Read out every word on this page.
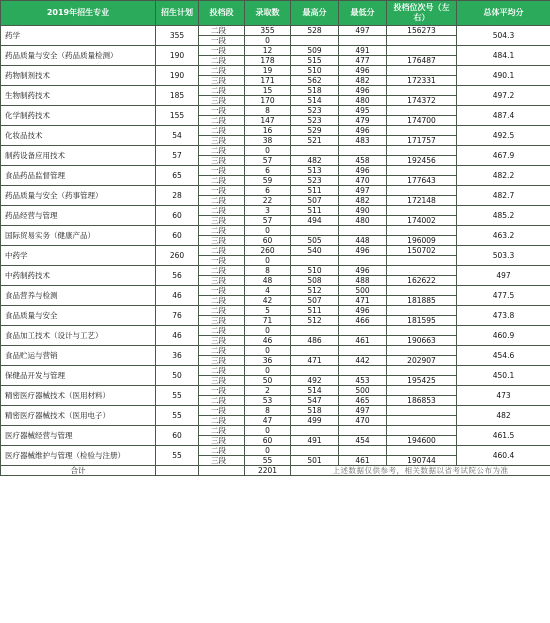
2019年招生专业	招生计划	投档段	录取数	最高分	最低分	投档位次号（左右）	总体平均分
药学	355	二段	355	528	497	156273	504.3
		一段	0				
药品质量与安全（药品质量检测）	190	一段	12	509	491		484.1
		二段	178	515	477	176487	
药物制剂技术	190	二段	19	510	496		490.1
		三段	171	562	482	172331	
生物制药技术	185	二段	15	518	496		497.2
		三段	170	514	480	174372	
化学制药技术	155	一段	8	523	495		487.4
		二段	147	523	479	174700	
化妆品技术	54	二段	16	529	496		492.5
		三段	38	521	483	171757	
制药设备应用技术	57	二段	0				467.9
		三段	57	482	458	192456	
食品药品监督管理	65	一段	6	513	496		482.2
		二段	59	523	470	177643	
药品质量与安全（药事管理）	28	一段	6	511	497		482.7
		二段	22	507	482	172148	
药品经营与管理	60	二段	3	511	490		485.2
		三段	57	494	480	174002	
国际贸易实务（健康产品）	60	二段	0				463.2
		三段	60	505	448	196009	
中药学	260	二段	260	540	496	150702	503.3
		一段	0				
中药制药技术	56	二段	8	510	496		497
		三段	48	508	488	162622	
食品营养与检测	46	一段	4	512	500		477.5
		二段	42	507	471	181885	
食品质量与安全	76	二段	5	511	496		473.8
		三段	71	512	466	181595	
食品加工技术（设计与工艺）	46	二段	0				460.9
		三段	46	486	461	190663	
食品贮运与营销	36	二段	0				454.6
		三段	36	471	442	202907	
保健品开发与管理	50	二段	0				450.1
		三段	50	492	453	195425	
精密医疗器械技术（医用材料）	55	一段	2	514	500		473
		二段	53	547	465	186853	
精密医疗器械技术（医用电子）	55	一段	8	518	497		482
		二段	47	499	470		
医疗器械经营与管理	60	二段	0				461.5
		三段	60	491	454	194600	
医疗器械维护与管理（检验与注册）	55	二段	0				460.4
		三段	55	501	461	190744	
合计			2201	上述数据仅供参考，相关数据以省考试院公布为准			
